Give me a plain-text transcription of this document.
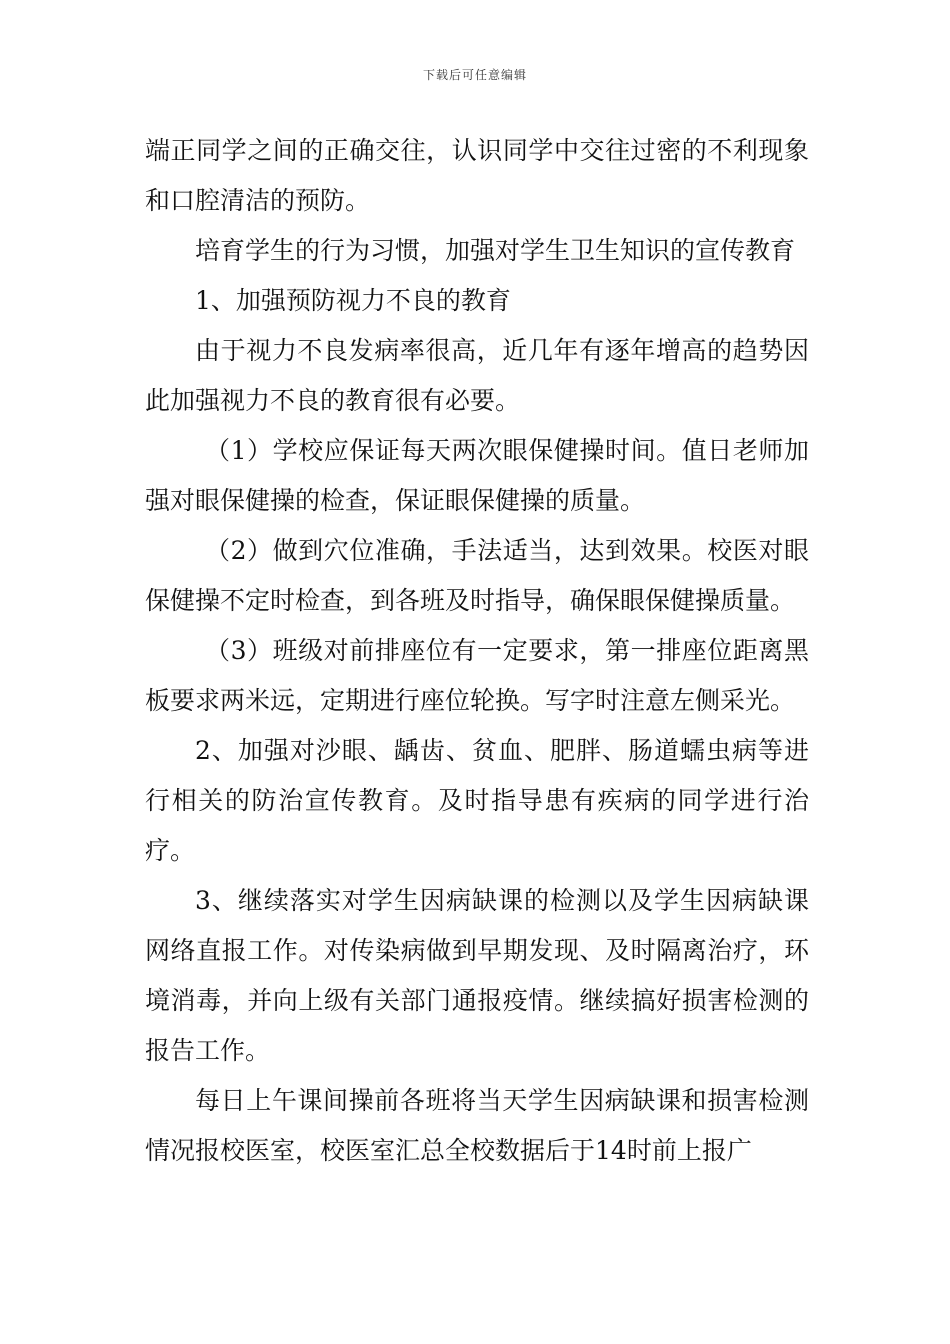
下载后可任意编辑

端正同学之间的正确交往，认识同学中交往过密的不利现象和口腔清洁的预防。

培育学生的行为习惯，加强对学生卫生知识的宣传教育

1、加强预防视力不良的教育

由于视力不良发病率很高，近几年有逐年增高的趋势因此加强视力不良的教育很有必要。

（1）学校应保证每天两次眼保健操时间。值日老师加强对眼保健操的检查，保证眼保健操的质量。

（2）做到穴位准确，手法适当，达到效果。校医对眼保健操不定时检查，到各班及时指导，确保眼保健操质量。

（3）班级对前排座位有一定要求，第一排座位距离黑板要求两米远，定期进行座位轮换。写字时注意左侧采光。

2、加强对沙眼、龋齿、贫血、肥胖、肠道蠕虫病等进行相关的防治宣传教育。及时指导患有疾病的同学进行治疗。

3、继续落实对学生因病缺课的检测以及学生因病缺课网络直报工作。对传染病做到早期发现、及时隔离治疗，环境消毒，并向上级有关部门通报疫情。继续搞好损害检测的报告工作。

每日上午课间操前各班将当天学生因病缺课和损害检测情况报校医室，校医室汇总全校数据后于14时前上报广
